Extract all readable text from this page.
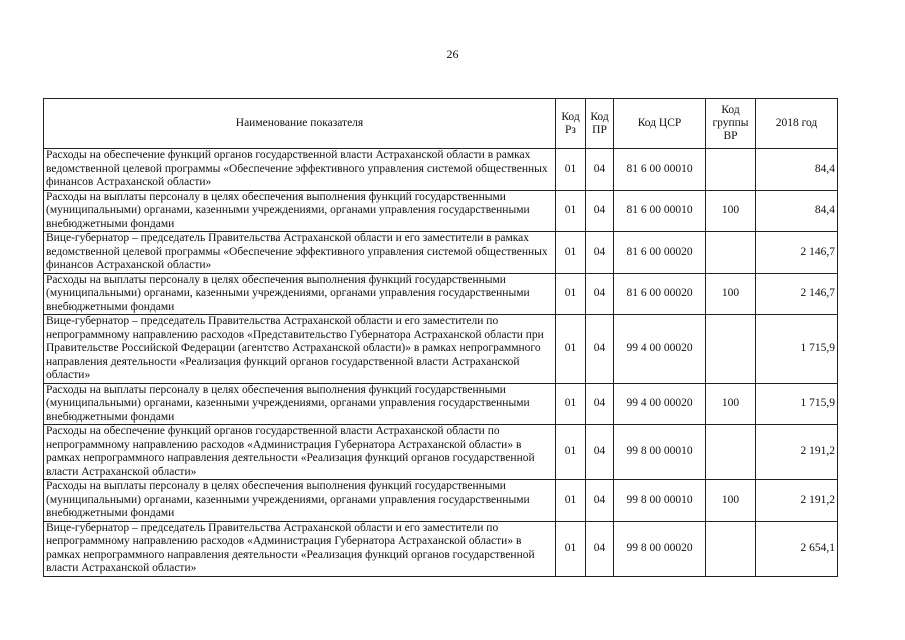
26
Наименование показателя	Код Рз	Код ПР	Код ЦСР	Код группы ВР	2018 год
Расходы на обеспечение функций органов государственной власти Астраханской области в рамках ведомственной целевой программы «Обеспечение эффективного управления системой общественных финансов Астраханской области»	01	04	81 6 00 00010		84,4
Расходы на выплаты персоналу в целях обеспечения выполнения функций государственными (муниципальными) органами, казенными учреждениями, органами управления государственными внебюджетными фондами	01	04	81 6 00 00010	100	84,4
Вице-губернатор – председатель Правительства Астраханской области и его заместители в рамках ведомственной целевой программы «Обеспечение эффективного управления системой общественных финансов Астраханской области»	01	04	81 6 00 00020		2 146,7
Расходы на выплаты персоналу в целях обеспечения выполнения функций государственными (муниципальными) органами, казенными учреждениями, органами управления государственными внебюджетными фондами	01	04	81 6 00 00020	100	2 146,7
Вице-губернатор – председатель Правительства Астраханской области и его заместители по непрограммному направлению расходов «Представительство Губернатора Астраханской области при Правительстве Российской Федерации (агентство Астраханской области)» в рамках непрограммного направления деятельности «Реализация функций органов государственной власти Астраханской области»	01	04	99 4 00 00020		1 715,9
Расходы на выплаты персоналу в целях обеспечения выполнения функций государственными (муниципальными) органами, казенными учреждениями, органами управления государственными внебюджетными фондами	01	04	99 4 00 00020	100	1 715,9
Расходы на обеспечение функций органов государственной власти Астраханской области по непрограммному направлению расходов «Администрация Губернатора Астраханской области» в рамках непрограммного направления деятельности «Реализация функций органов государственной власти Астраханской области»	01	04	99 8 00 00010		2 191,2
Расходы на выплаты персоналу в целях обеспечения выполнения функций государственными (муниципальными) органами, казенными учреждениями, органами управления государственными внебюджетными фондами	01	04	99 8 00 00010	100	2 191,2
Вице-губернатор – председатель Правительства Астраханской области и его заместители по непрограммному направлению расходов «Администрация Губернатора Астраханской области» в рамках непрограммного направления деятельности «Реализация функций органов государственной власти Астраханской области»	01	04	99 8 00 00020		2 654,1
